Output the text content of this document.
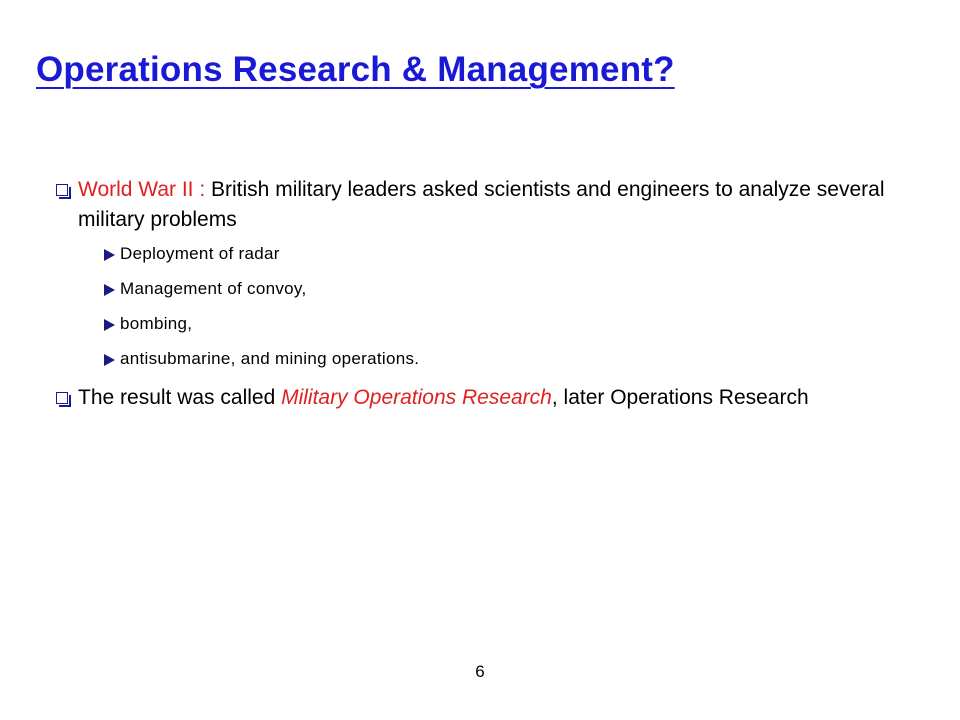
Operations Research & Management?
World War II : British military leaders asked scientists and engineers to analyze several military problems
Deployment of radar
Management of convoy,
bombing,
antisubmarine, and mining operations.
The result was called Military Operations Research, later Operations Research
6
